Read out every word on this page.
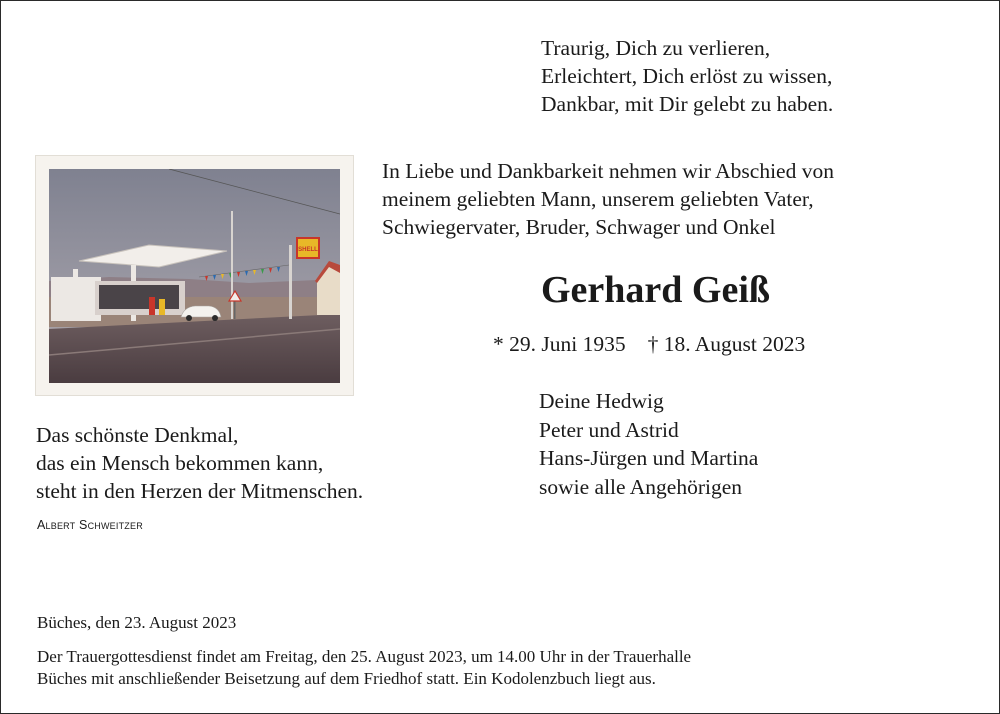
Traurig, Dich zu verlieren,
Erleichtert, Dich erlöst zu wissen,
Dankbar, mit Dir gelebt zu haben.
SHELL
In Liebe und Dankbarkeit nehmen wir Abschied von
meinem geliebten Mann, unserem geliebten Vater,
Schwiegervater, Bruder, Schwager und Onkel
Gerhard Geiß
* 29. Juni 1935 † 18. August 2023
Deine Hedwig
Peter und Astrid
Hans-Jürgen und Martina
sowie alle Angehörigen
Das schönste Denkmal,
das ein Mensch bekommen kann,
steht in den Herzen der Mitmenschen.
Albert Schweitzer
Büches, den 23. August 2023
Der Trauergottesdienst findet am Freitag, den 25. August 2023, um 14.00 Uhr in der Trauerhalle
Büches mit anschließender Beisetzung auf dem Friedhof statt. Ein Kodolenzbuch liegt aus.
